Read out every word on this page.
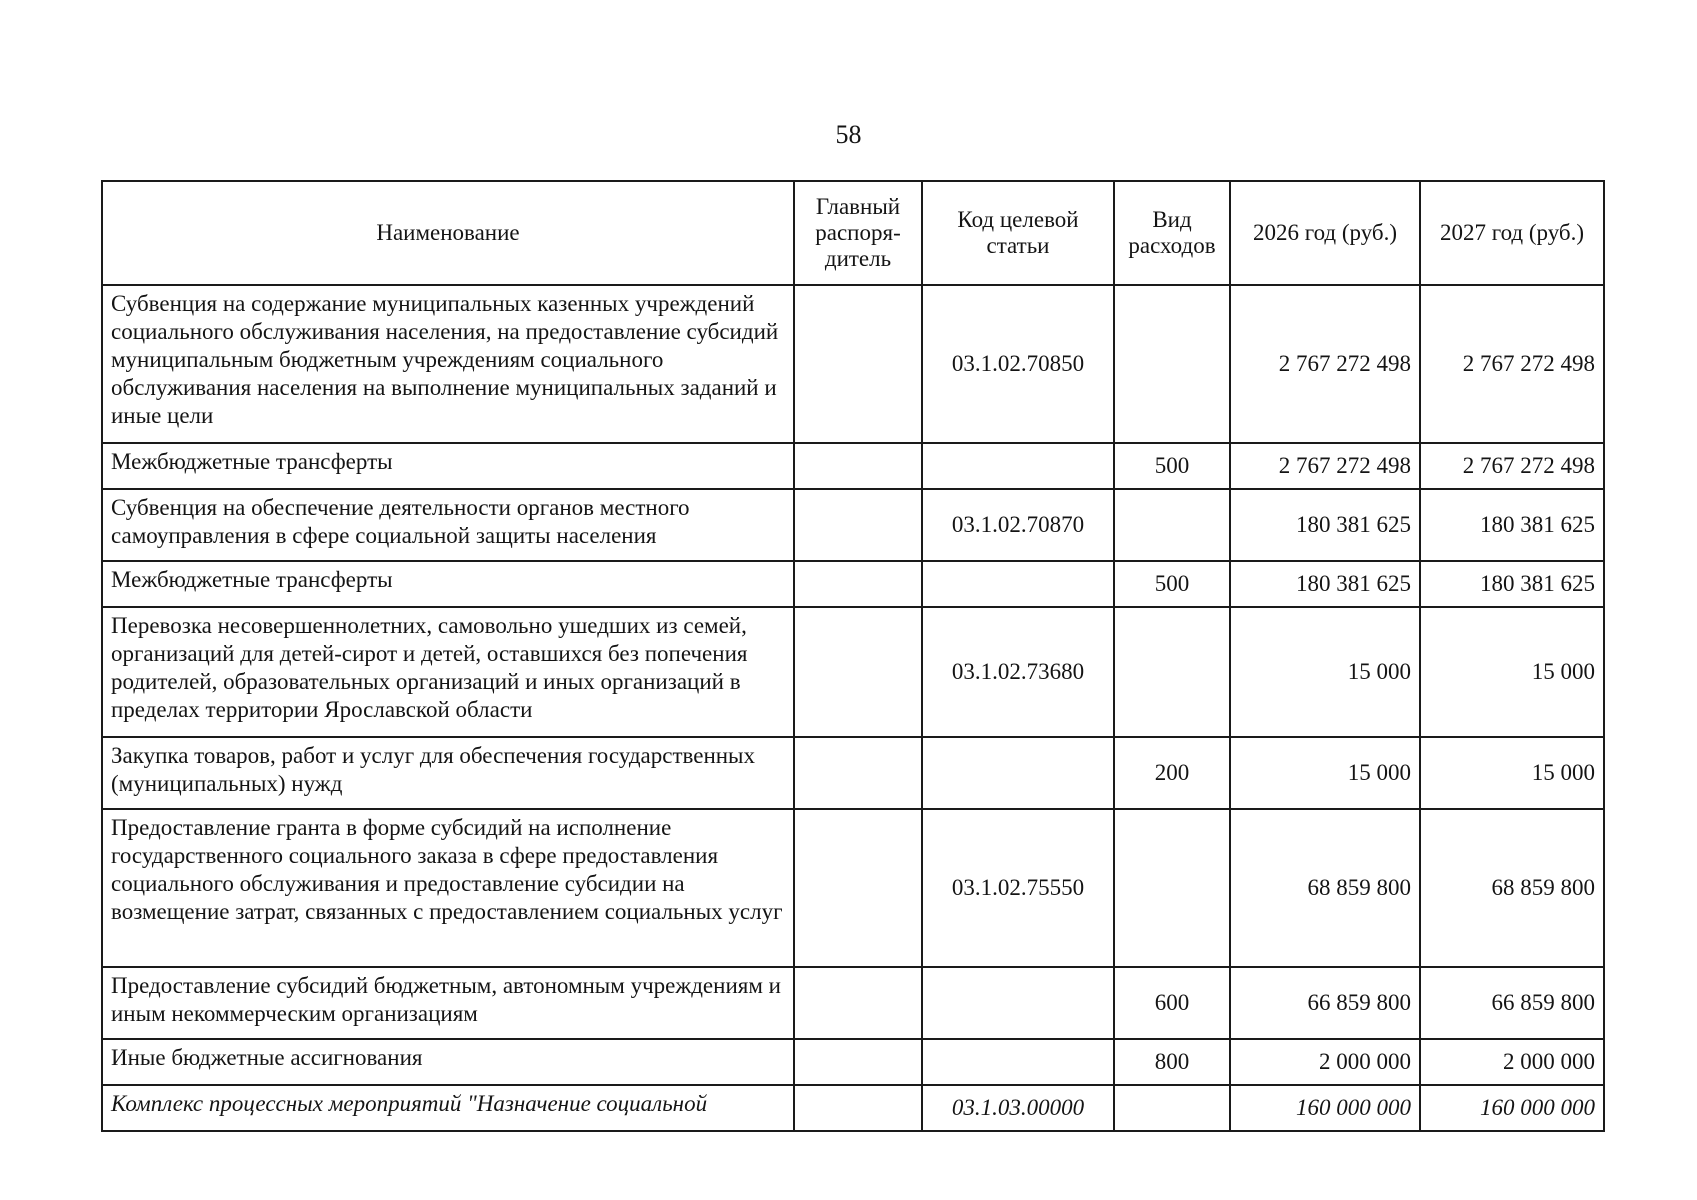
58
Наименование	Главный распоря-дитель	Код целевой статьи	Вид расходов	2026 год (руб.)	2027 год (руб.)
Субвенция на содержание муниципальных казенных учреждений социального обслуживания населения, на предоставление субсидий муниципальным бюджетным учреждениям социального обслуживания населения на выполнение муниципальных заданий и иные цели		03.1.02.70850		2 767 272 498	2 767 272 498
Межбюджетные трансферты			500	2 767 272 498	2 767 272 498
Субвенция на обеспечение деятельности органов местного самоуправления в сфере социальной защиты населения		03.1.02.70870		180 381 625	180 381 625
Межбюджетные трансферты			500	180 381 625	180 381 625
Перевозка несовершеннолетних, самовольно ушедших из семей, организаций для детей-сирот и детей, оставшихся без попечения родителей, образовательных организаций и иных организаций в пределах территории Ярославской области		03.1.02.73680		15 000	15 000
Закупка товаров, работ и услуг для обеспечения государственных (муниципальных) нужд			200	15 000	15 000
Предоставление гранта в форме субсидий на исполнение государственного социального заказа в сфере предоставления социального обслуживания и предоставление субсидии на возмещение затрат, связанных с предоставлением социальных услуг		03.1.02.75550		68 859 800	68 859 800
Предоставление субсидий бюджетным, автономным учреждениям и иным некоммерческим организациям			600	66 859 800	66 859 800
Иные бюджетные ассигнования			800	2 000 000	2 000 000
Комплекс процессных мероприятий "Назначение социальной		03.1.03.00000		160 000 000	160 000 000
